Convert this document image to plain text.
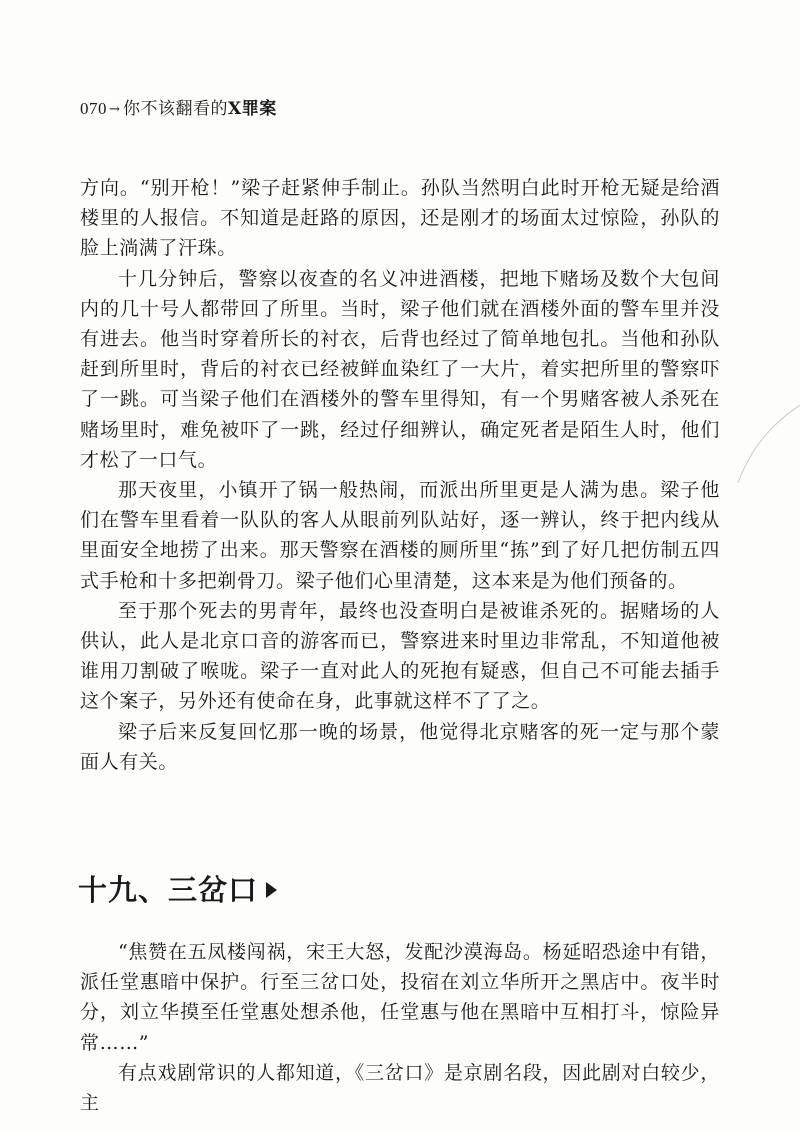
070 → 你不该翻看的X罪案

方向。“别开枪！”梁子赶紧伸手制止。孙队当然明白此时开枪无疑是给酒楼里的人报信。不知道是赶路的原因，还是刚才的场面太过惊险，孙队的脸上淌满了汗珠。

十几分钟后，警察以夜查的名义冲进酒楼，把地下赌场及数个大包间内的几十号人都带回了所里。当时，梁子他们就在酒楼外面的警车里并没有进去。他当时穿着所长的衬衣，后背也经过了简单地包扎。当他和孙队赶到所里时，背后的衬衣已经被鲜血染红了一大片，着实把所里的警察吓了一跳。可当梁子他们在酒楼外的警车里得知，有一个男赌客被人杀死在赌场里时，难免被吓了一跳，经过仔细辨认，确定死者是陌生人时，他们才松了一口气。

那天夜里，小镇开了锅一般热闹，而派出所里更是人满为患。梁子他们在警车里看着一队队的客人从眼前列队站好，逐一辨认，终于把内线从里面安全地捞了出来。那天警察在酒楼的厕所里“拣”到了好几把仿制五四式手枪和十多把剃骨刀。梁子他们心里清楚，这本来是为他们预备的。

至于那个死去的男青年，最终也没查明白是被谁杀死的。据赌场的人供认，此人是北京口音的游客而已，警察进来时里边非常乱，不知道他被谁用刀割破了喉咙。梁子一直对此人的死抱有疑惑，但自己不可能去插手这个案子，另外还有使命在身，此事就这样不了了之。

梁子后来反复回忆那一晚的场景，他觉得北京赌客的死一定与那个蒙面人有关。

十九、三岔口

“焦赞在五凤楼闯祸，宋王大怒，发配沙漠海岛。杨延昭恐途中有错，派任堂惠暗中保护。行至三岔口处，投宿在刘立华所开之黑店中。夜半时分，刘立华摸至任堂惠处想杀他，任堂惠与他在黑暗中互相打斗，惊险异常……”

有点戏剧常识的人都知道，《三岔口》是京剧名段，因此剧对白较少，主
